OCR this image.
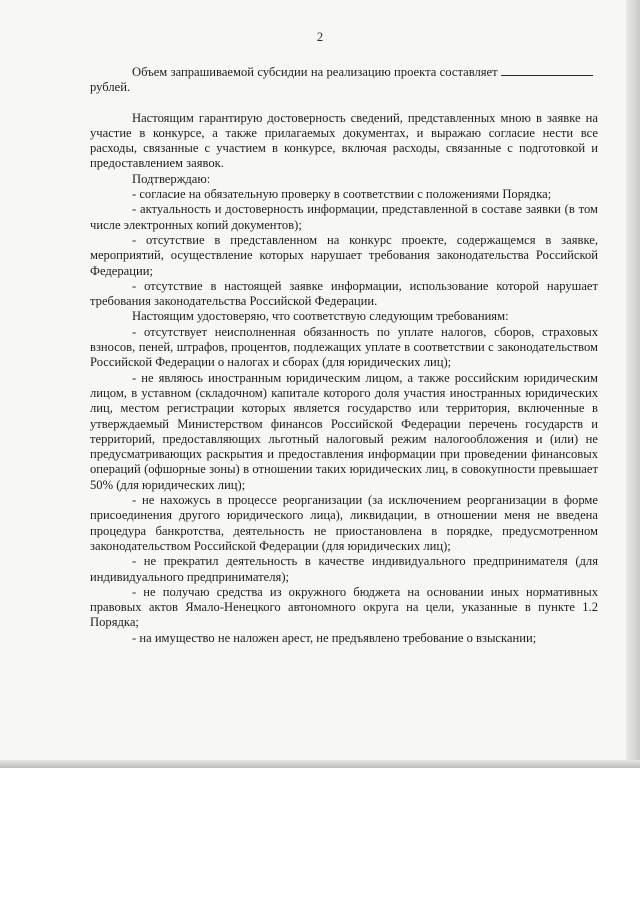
2

Объем запрашиваемой субсидии на реализацию проекта составляет рублей.

Настоящим гарантирую достоверность сведений, представленных мною в заявке на участие в конкурсе, а также прилагаемых документах, и выражаю согласие нести все расходы, связанные с участием в конкурсе, включая расходы, связанные с подготовкой и предоставлением заявок.

Подтверждаю:

- согласие на обязательную проверку в соответствии с положениями Порядка;

- актуальность и достоверность информации, представленной в составе заявки (в том числе электронных копий документов);

- отсутствие в представленном на конкурс проекте, содержащемся в заявке, мероприятий, осуществление которых нарушает требования законодательства Российской Федерации;

- отсутствие в настоящей заявке информации, использование которой нарушает требования законодательства Российской Федерации.

Настоящим удостоверяю, что соответствую следующим требованиям:

- отсутствует неисполненная обязанность по уплате налогов, сборов, страховых взносов, пеней, штрафов, процентов, подлежащих уплате в соответствии с законодательством Российской Федерации о налогах и сборах (для юридических лиц);

- не являюсь иностранным юридическим лицом, а также российским юридическим лицом, в уставном (складочном) капитале которого доля участия иностранных юридических лиц, местом регистрации которых является государство или территория, включенные в утверждаемый Министерством финансов Российской Федерации перечень государств и территорий, предоставляющих льготный налоговый режим налогообложения и (или) не предусматривающих раскрытия и предоставления информации при проведении финансовых операций (офшорные зоны) в отношении таких юридических лиц, в совокупности превышает 50% (для юридических лиц);

- не нахожусь в процессе реорганизации (за исключением реорганизации в форме присоединения другого юридического лица), ликвидации, в отношении меня не введена процедура банкротства, деятельность не приостановлена в порядке, предусмотренном законодательством Российской Федерации (для юридических лиц);

- не прекратил деятельность в качестве индивидуального предпринимателя (для индивидуального предпринимателя);

- не получаю средства из окружного бюджета на основании иных нормативных правовых актов Ямало-Ненецкого автономного округа на цели, указанные в пункте 1.2 Порядка;

- на имущество не наложен арест, не предъявлено требование о взыскании;
